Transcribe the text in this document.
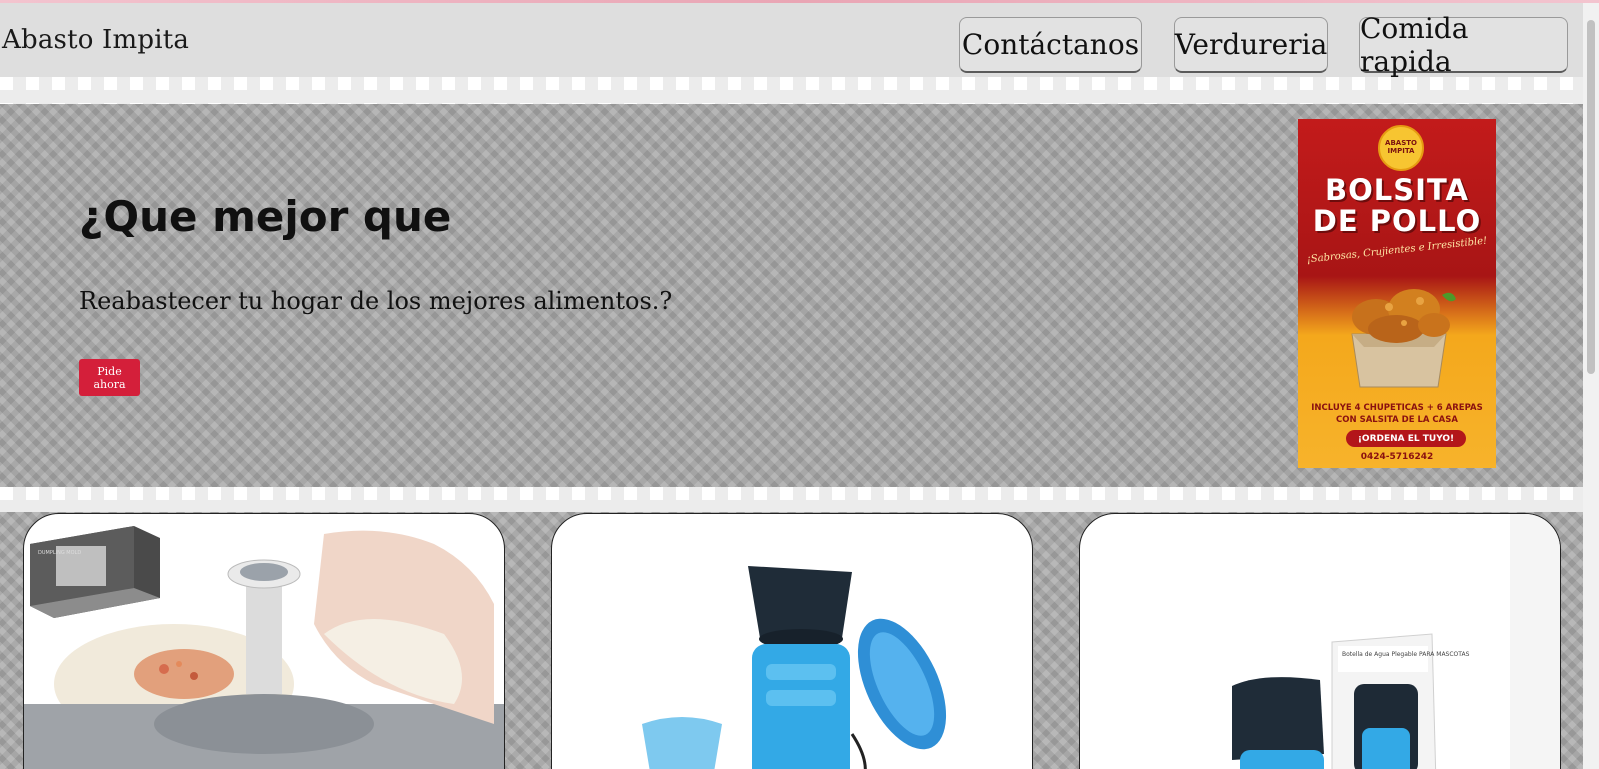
Abasto Impita	Contáctanos Verdureria Comida rapida
¿Que mejor que

Reabastecer tu hogar de los mejores alimentos.?

Pide ahora
ABASTO IMPITA
BOLSITA
DE POLLO
¡Sabrosas, Crujientes e Irresistible!
INCLUYE 4 CHUPETICAS + 6 AREPAS
CON SALSITA DE LA CASA
¡ORDENA EL TUYO!
0424-5716242
DUMPLING MOLD
Botella de Agua Plegable PARA MASCOTAS
